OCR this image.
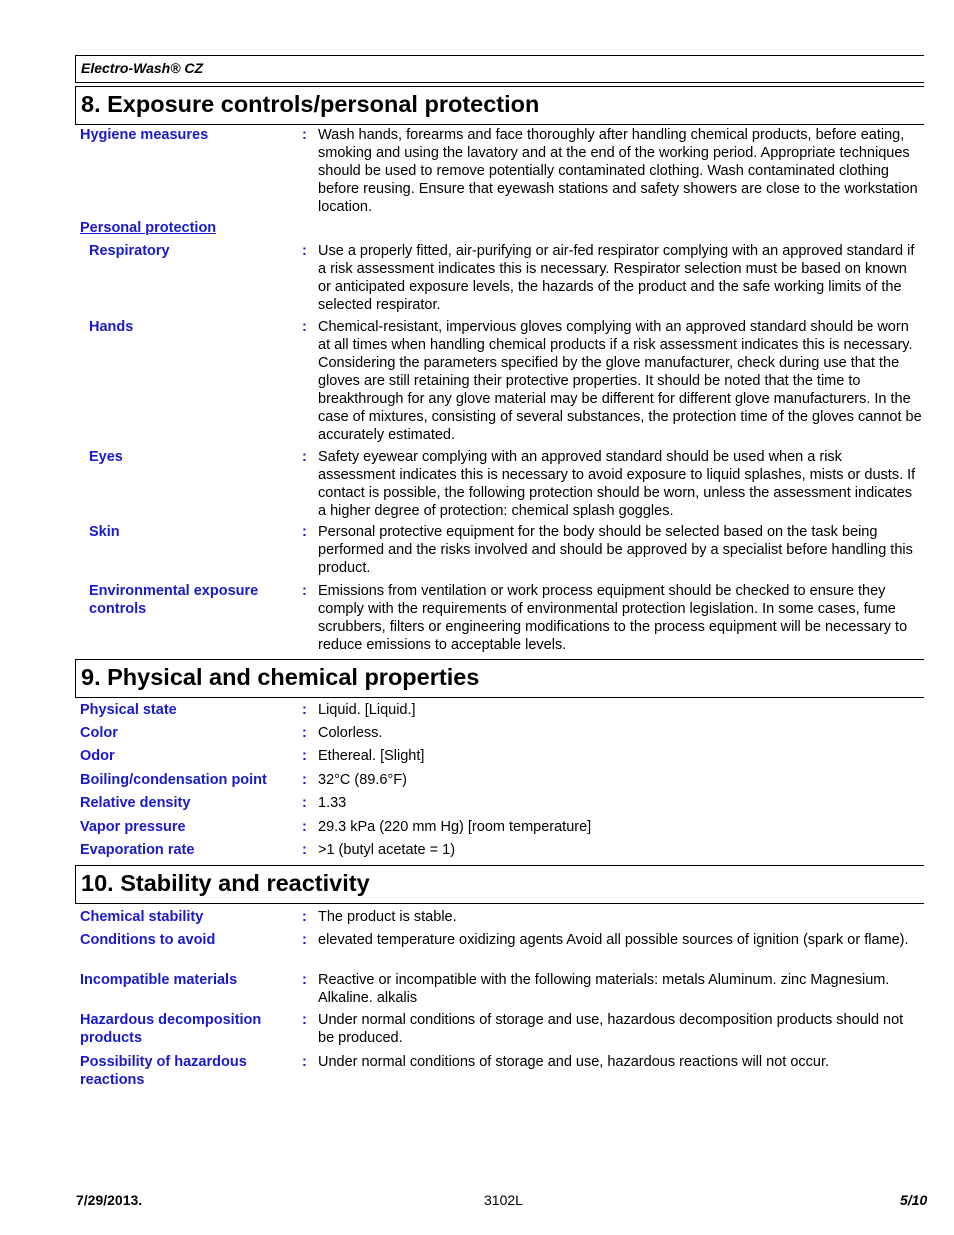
Electro-Wash® CZ
8. Exposure controls/personal protection
Hygiene measures	: Wash hands, forearms and face thoroughly after handling chemical products, before eating, smoking and using the lavatory and at the end of the working period. Appropriate techniques should be used to remove potentially contaminated clothing. Wash contaminated clothing before reusing. Ensure that eyewash stations and safety showers are close to the workstation location.
Personal protection
Respiratory	: Use a properly fitted, air-purifying or air-fed respirator complying with an approved standard if a risk assessment indicates this is necessary. Respirator selection must be based on known or anticipated exposure levels, the hazards of the product and the safe working limits of the selected respirator.
Hands	: Chemical-resistant, impervious gloves complying with an approved standard should be worn at all times when handling chemical products if a risk assessment indicates this is necessary. Considering the parameters specified by the glove manufacturer, check during use that the gloves are still retaining their protective properties. It should be noted that the time to breakthrough for any glove material may be different for different glove manufacturers. In the case of mixtures, consisting of several substances, the protection time of the gloves cannot be accurately estimated.
Eyes	: Safety eyewear complying with an approved standard should be used when a risk assessment indicates this is necessary to avoid exposure to liquid splashes, mists or dusts. If contact is possible, the following protection should be worn, unless the assessment indicates a higher degree of protection: chemical splash goggles.
Skin	: Personal protective equipment for the body should be selected based on the task being performed and the risks involved and should be approved by a specialist before handling this product.
Environmental exposure controls
: Emissions from ventilation or work process equipment should be checked to ensure they comply with the requirements of environmental protection legislation. In some cases, fume scrubbers, filters or engineering modifications to the process equipment will be necessary to reduce emissions to acceptable levels.
9. Physical and chemical properties
Physical state	: Liquid. [Liquid.]
Color	: Colorless.
Odor	: Ethereal. [Slight]
Boiling/condensation point	: 32°C (89.6°F)
Relative density	: 1.33
Vapor pressure	: 29.3 kPa (220 mm Hg) [room temperature]
Evaporation rate	: >1 (butyl acetate = 1)
10. Stability and reactivity
Chemical stability	: The product is stable.
Conditions to avoid	: elevated temperature oxidizing agents Avoid all possible sources of ignition (spark or flame).
Incompatible materials	: Reactive or incompatible with the following materials: metals Aluminum. zinc Magnesium. Alkaline. alkalis
Hazardous decomposition products
: Under normal conditions of storage and use, hazardous decomposition products should not be produced.
Possibility of hazardous reactions
: Under normal conditions of storage and use, hazardous reactions will not occur.
7/29/2013.	3102L	5/10
